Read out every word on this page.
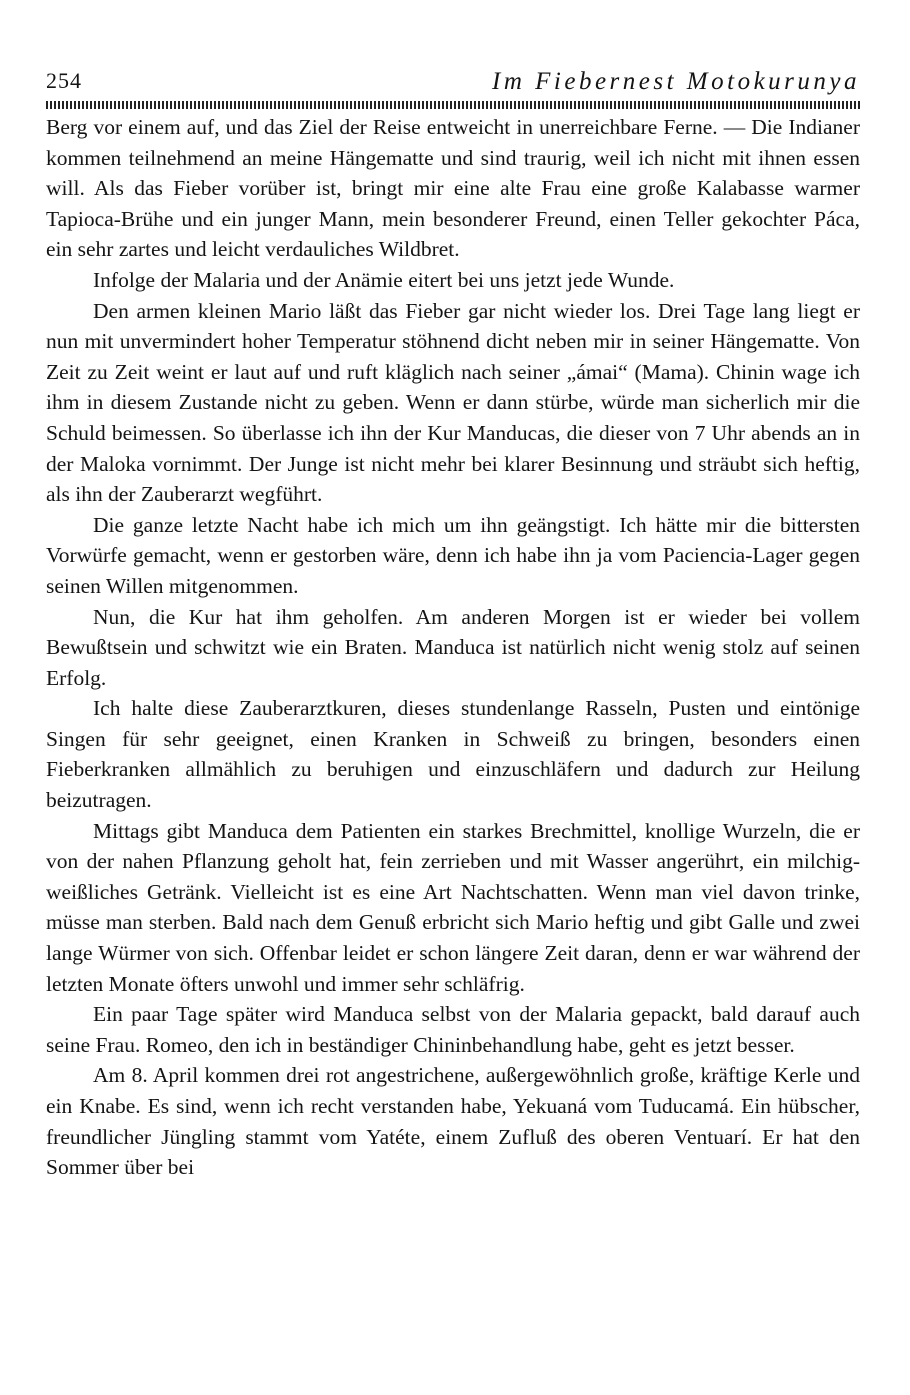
254	Im Fiebernest Motokurunya

Berg vor einem auf, und das Ziel der Reise entweicht in unerreichbare Ferne. — Die Indianer kommen teilnehmend an meine Hängematte und sind traurig, weil ich nicht mit ihnen essen will. Als das Fieber vorüber ist, bringt mir eine alte Frau eine große Kalabasse warmer Tapioca-Brühe und ein junger Mann, mein besonderer Freund, einen Teller gekochter Páca, ein sehr zartes und leicht verdauliches Wildbret.

Infolge der Malaria und der Anämie eitert bei uns jetzt jede Wunde.

Den armen kleinen Mario läßt das Fieber gar nicht wieder los. Drei Tage lang liegt er nun mit unvermindert hoher Temperatur stöhnend dicht neben mir in seiner Hängematte. Von Zeit zu Zeit weint er laut auf und ruft kläglich nach seiner „ámai“ (Mama). Chinin wage ich ihm in diesem Zustande nicht zu geben. Wenn er dann stürbe, würde man sicherlich mir die Schuld beimessen. So überlasse ich ihn der Kur Manducas, die dieser von 7 Uhr abends an in der Maloka vornimmt. Der Junge ist nicht mehr bei klarer Besinnung und sträubt sich heftig, als ihn der Zauberarzt wegführt.

Die ganze letzte Nacht habe ich mich um ihn geängstigt. Ich hätte mir die bittersten Vorwürfe gemacht, wenn er gestorben wäre, denn ich habe ihn ja vom Paciencia-Lager gegen seinen Willen mitgenommen.

Nun, die Kur hat ihm geholfen. Am anderen Morgen ist er wieder bei vollem Bewußtsein und schwitzt wie ein Braten. Manduca ist natürlich nicht wenig stolz auf seinen Erfolg.

Ich halte diese Zauberarztkuren, dieses stundenlange Rasseln, Pusten und eintönige Singen für sehr geeignet, einen Kranken in Schweiß zu bringen, besonders einen Fieberkranken allmählich zu beruhigen und einzuschläfern und dadurch zur Heilung beizutragen.

Mittags gibt Manduca dem Patienten ein starkes Brechmittel, knollige Wurzeln, die er von der nahen Pflanzung geholt hat, fein zerrieben und mit Wasser angerührt, ein milchig-weißliches Getränk. Vielleicht ist es eine Art Nachtschatten. Wenn man viel davon trinke, müsse man sterben. Bald nach dem Genuß erbricht sich Mario heftig und gibt Galle und zwei lange Würmer von sich. Offenbar leidet er schon längere Zeit daran, denn er war während der letzten Monate öfters unwohl und immer sehr schläfrig.

Ein paar Tage später wird Manduca selbst von der Malaria gepackt, bald darauf auch seine Frau. Romeo, den ich in beständiger Chininbehandlung habe, geht es jetzt besser.

Am 8. April kommen drei rot angestrichene, außergewöhnlich große, kräftige Kerle und ein Knabe. Es sind, wenn ich recht verstanden habe, Yekuaná vom Tuducamá. Ein hübscher, freundlicher Jüngling stammt vom Yatéte, einem Zufluß des oberen Ventuarí. Er hat den Sommer über bei
